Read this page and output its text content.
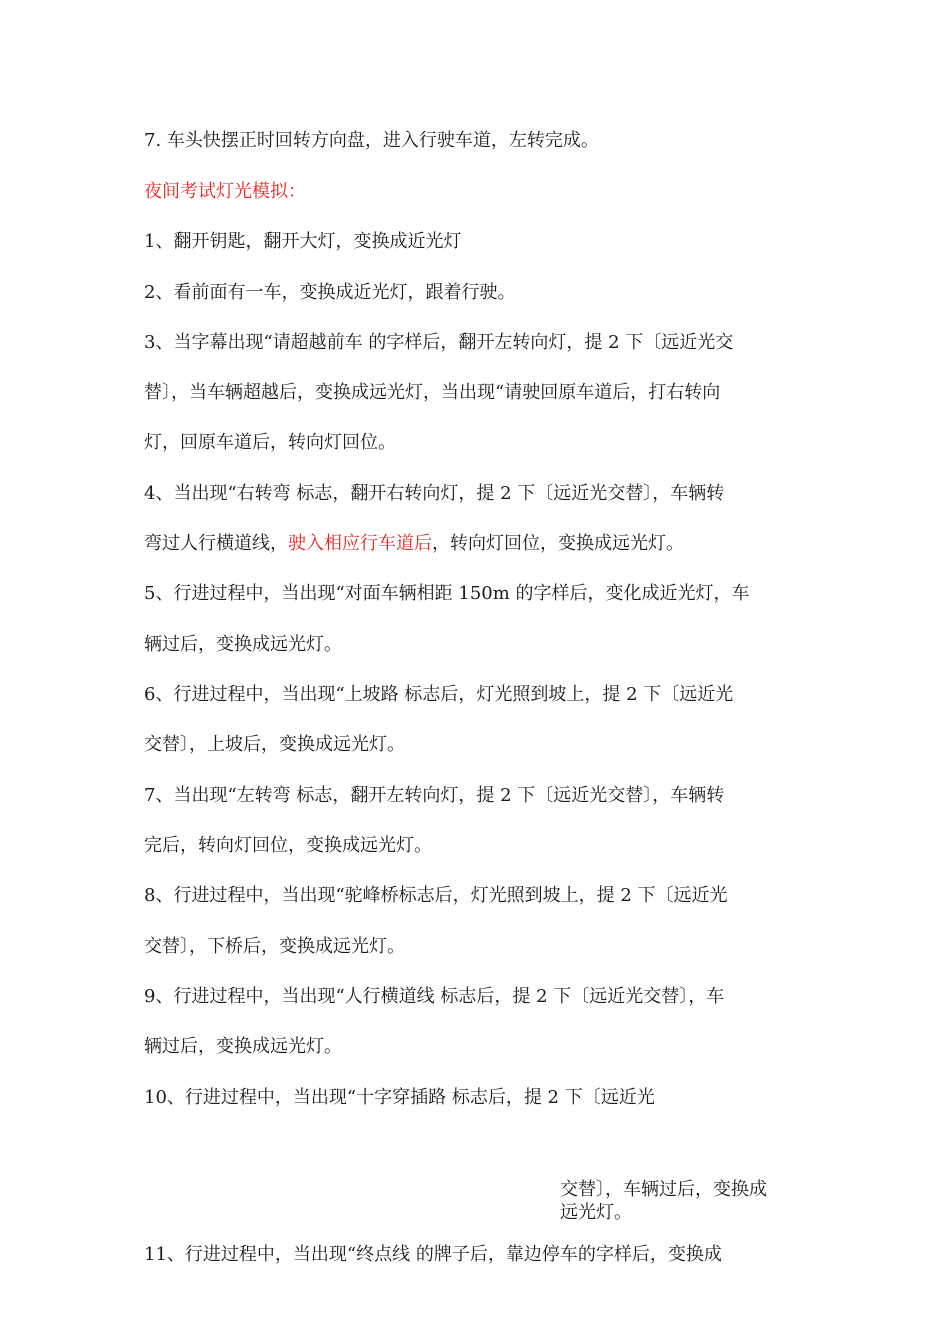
7. 车头快摆正时回转方向盘，进入行驶车道，左转完成。
夜间考试灯光模拟：
1、翻开钥匙，翻开大灯，变换成近光灯
2、看前面有一车，变换成近光灯，跟着行驶。
3、当字幕出现“请超越前车 的字样后，翻开左转向灯，提 2 下〔远近光交
替〕，当车辆超越后，变换成远光灯，当出现“请驶回原车道后，打右转向
灯，回原车道后，转向灯回位。
4、当出现“右转弯 标志，翻开右转向灯，提 2 下〔远近光交替〕，车辆转
弯过人行横道线，驶入相应行车道后，转向灯回位，变换成远光灯。
5、行进过程中，当出现“对面车辆相距 150m 的字样后，变化成近光灯，车
辆过后，变换成远光灯。
6、行进过程中，当出现“上坡路 标志后，灯光照到坡上，提 2 下〔远近光
交替〕，上坡后，变换成远光灯。
7、当出现“左转弯 标志，翻开左转向灯，提 2 下〔远近光交替〕，车辆转
完后，转向灯回位，变换成远光灯。
8、行进过程中，当出现“驼峰桥标志后，灯光照到坡上，提 2 下〔远近光
交替〕，下桥后，变换成远光灯。
9、行进过程中，当出现“人行横道线 标志后，提 2 下〔远近光交替〕，车
辆过后，变换成远光灯。
10、行进过程中，当出现“十字穿插路 标志后，提 2 下〔远近光
交替〕，车辆过后，变换成
远光灯。
11、行进过程中，当出现“终点线 的牌子后，靠边停车的字样后，变换成
